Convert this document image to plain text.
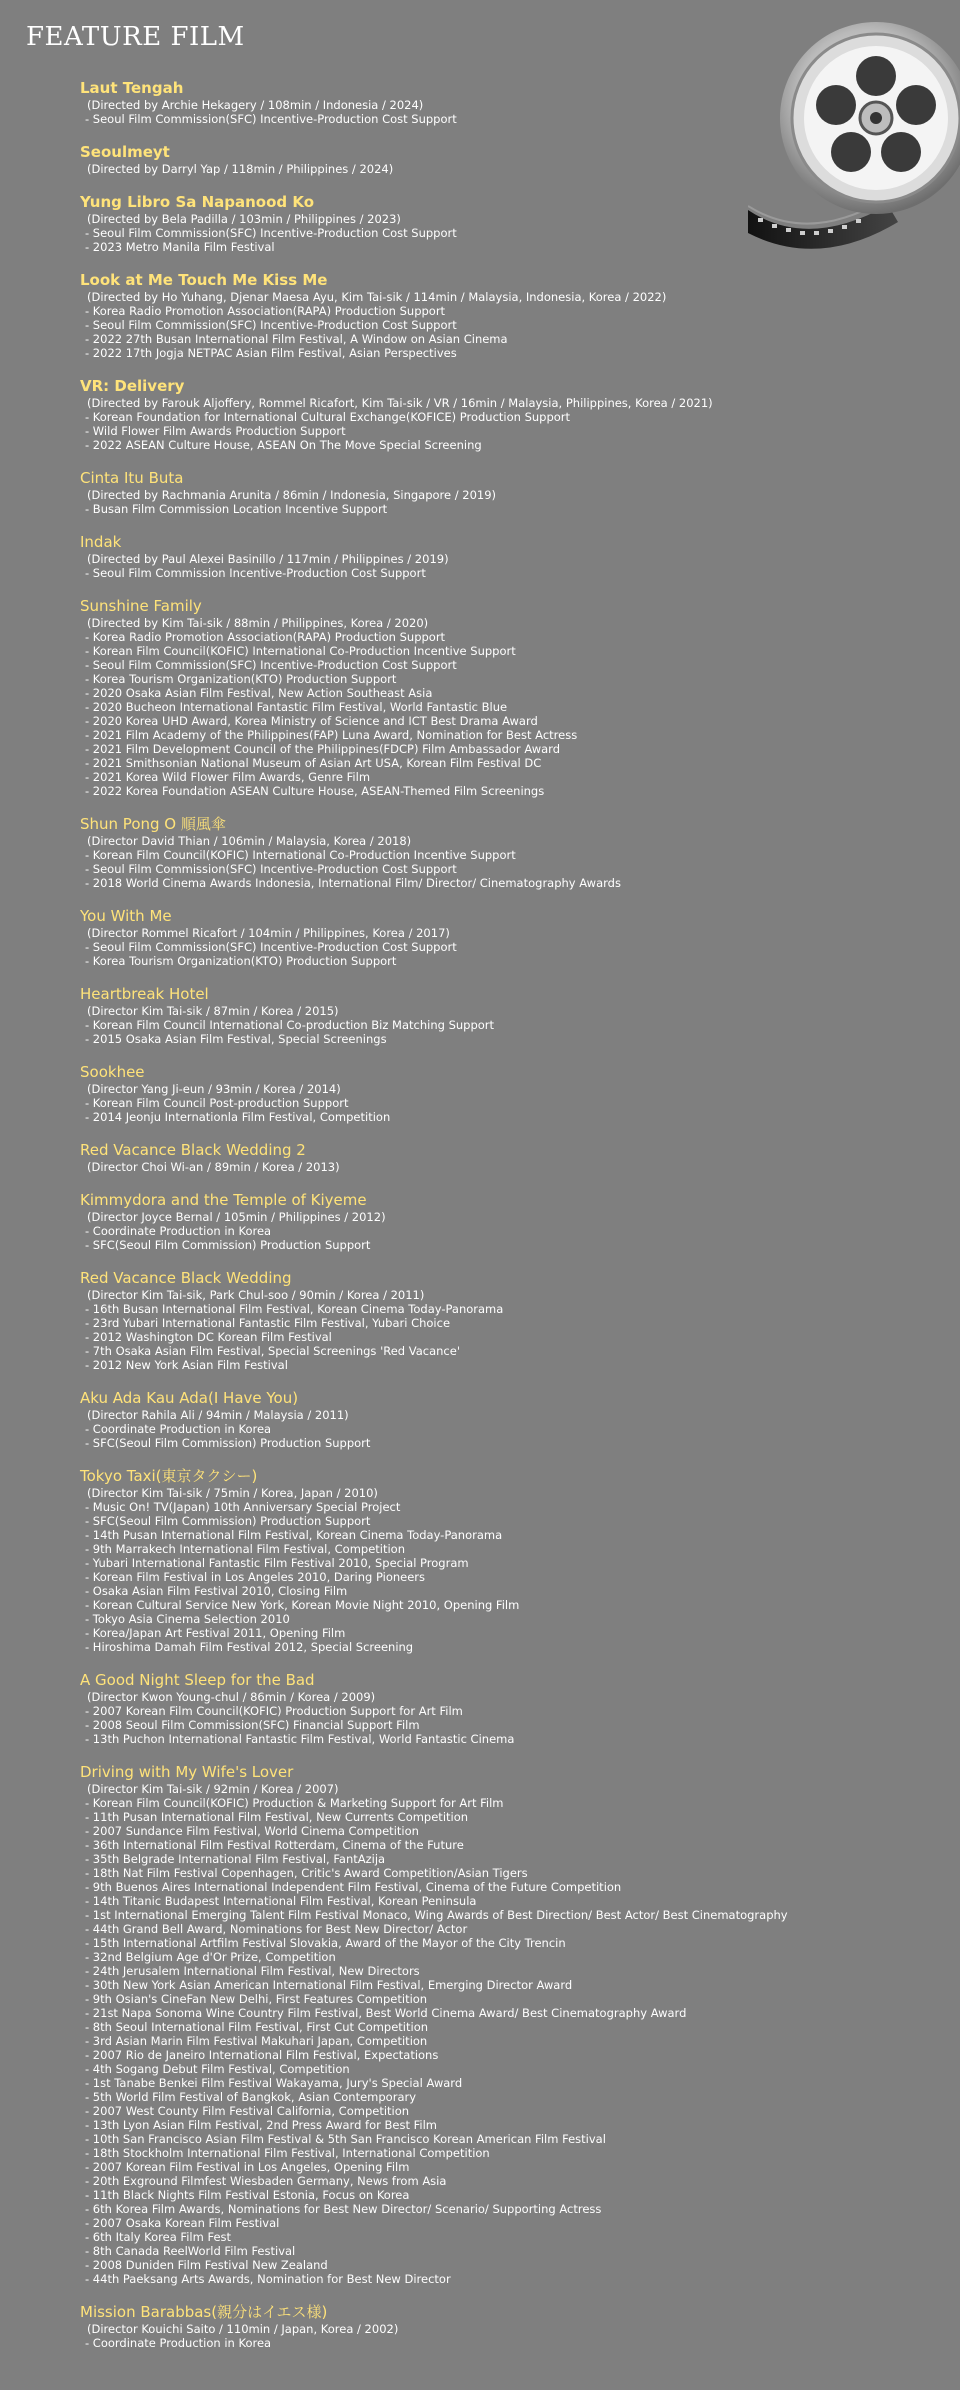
FEATURE FILM
Laut Tengah
(Directed by Archie Hekagery / 108min / Indonesia / 2024)
- Seoul Film Commission(SFC) Incentive-Production Cost Support
Seoulmeyt
(Directed by Darryl Yap / 118min / Philippines / 2024)
Yung Libro Sa Napanood Ko
(Directed by Bela Padilla / 103min / Philippines / 2023)
- Seoul Film Commission(SFC) Incentive-Production Cost Support
- 2023 Metro Manila Film Festival
Look at Me Touch Me Kiss Me
(Directed by Ho Yuhang, Djenar Maesa Ayu, Kim Tai-sik / 114min / Malaysia, Indonesia, Korea / 2022)
- Korea Radio Promotion Association(RAPA) Production Support
- Seoul Film Commission(SFC) Incentive-Production Cost Support
- 2022 27th Busan International Film Festival, A Window on Asian Cinema
- 2022 17th Jogja NETPAC Asian Film Festival, Asian Perspectives
VR: Delivery
(Directed by Farouk Aljoffery, Rommel Ricafort, Kim Tai-sik / VR / 16min / Malaysia, Philippines, Korea / 2021)
- Korean Foundation for International Cultural Exchange(KOFICE) Production Support
- Wild Flower Film Awards Production Support
- 2022 ASEAN Culture House, ASEAN On The Move Special Screening
Cinta Itu Buta
(Directed by Rachmania Arunita / 86min / Indonesia, Singapore / 2019)
- Busan Film Commission Location Incentive Support
Indak
(Directed by Paul Alexei Basinillo / 117min / Philippines / 2019)
- Seoul Film Commission Incentive-Production Cost Support
Sunshine Family
(Directed by Kim Tai-sik / 88min / Philippines, Korea / 2020)
- Korea Radio Promotion Association(RAPA) Production Support
- Korean Film Council(KOFIC) International Co-Production Incentive Support
- Seoul Film Commission(SFC) Incentive-Production Cost Support
- Korea Tourism Organization(KTO) Production Support
- 2020 Osaka Asian Film Festival, New Action Southeast Asia
- 2020 Bucheon International Fantastic Film Festival, World Fantastic Blue
- 2020 Korea UHD Award, Korea Ministry of Science and ICT Best Drama Award
- 2021 Film Academy of the Philippines(FAP) Luna Award, Nomination for Best Actress
- 2021 Film Development Council of the Philippines(FDCP) Film Ambassador Award
- 2021 Smithsonian National Museum of Asian Art USA, Korean Film Festival DC
- 2021 Korea Wild Flower Film Awards, Genre Film
- 2022 Korea Foundation ASEAN Culture House, ASEAN-Themed Film Screenings
Shun Pong O 順風傘
(Director David Thian / 106min / Malaysia, Korea / 2018)
- Korean Film Council(KOFIC) International Co-Production Incentive Support
- Seoul Film Commission(SFC) Incentive-Production Cost Support
- 2018 World Cinema Awards Indonesia, International Film/ Director/ Cinematography Awards
You With Me
(Director Rommel Ricafort / 104min / Philippines, Korea / 2017)
- Seoul Film Commission(SFC) Incentive-Production Cost Support
- Korea Tourism Organization(KTO) Production Support
Heartbreak Hotel
(Director Kim Tai-sik / 87min / Korea / 2015)
- Korean Film Council International Co-production Biz Matching Support
- 2015 Osaka Asian Film Festival, Special Screenings
Sookhee
(Director Yang Ji-eun / 93min / Korea / 2014)
- Korean Film Council Post-production Support
- 2014 Jeonju Internationla Film Festival, Competition
Red Vacance Black Wedding 2
(Director Choi Wi-an / 89min / Korea / 2013)
Kimmydora and the Temple of Kiyeme
(Director Joyce Bernal / 105min / Philippines / 2012)
- Coordinate Production in Korea
- SFC(Seoul Film Commission) Production Support
Red Vacance Black Wedding
(Director Kim Tai-sik, Park Chul-soo / 90min / Korea / 2011)
- 16th Busan International Film Festival, Korean Cinema Today-Panorama
- 23rd Yubari International Fantastic Film Festival, Yubari Choice
- 2012 Washington DC Korean Film Festival
- 7th Osaka Asian Film Festival, Special Screenings 'Red Vacance'
- 2012 New York Asian Film Festival
Aku Ada Kau Ada(I Have You)
(Director Rahila Ali / 94min / Malaysia / 2011)
- Coordinate Production in Korea
- SFC(Seoul Film Commission) Production Support
Tokyo Taxi(東京タクシー)
(Director Kim Tai-sik / 75min / Korea, Japan / 2010)
- Music On! TV(Japan) 10th Anniversary Special Project
- SFC(Seoul Film Commission) Production Support
- 14th Pusan International Film Festival, Korean Cinema Today-Panorama
- 9th Marrakech International Film Festival, Competition
- Yubari International Fantastic Film Festival 2010, Special Program
- Korean Film Festival in Los Angeles 2010, Daring Pioneers
- Osaka Asian Film Festival 2010, Closing Film
- Korean Cultural Service New York, Korean Movie Night 2010, Opening Film
- Tokyo Asia Cinema Selection 2010
- Korea/Japan Art Festival 2011, Opening Film
- Hiroshima Damah Film Festival 2012, Special Screening
A Good Night Sleep for the Bad
(Director Kwon Young-chul / 86min / Korea / 2009)
- 2007 Korean Film Council(KOFIC) Production Support for Art Film
- 2008 Seoul Film Commission(SFC) Financial Support Film
- 13th Puchon International Fantastic Film Festival, World Fantastic Cinema
Driving with My Wife's Lover
(Director Kim Tai-sik / 92min / Korea / 2007)
- Korean Film Council(KOFIC) Production & Marketing Support for Art Film
- 11th Pusan International Film Festival, New Currents Competition
- 2007 Sundance Film Festival, World Cinema Competition
- 36th International Film Festival Rotterdam, Cinema of the Future
- 35th Belgrade International Film Festival, FantAzija
- 18th Nat Film Festival Copenhagen, Critic's Award Competition/Asian Tigers
- 9th Buenos Aires International Independent Film Festival, Cinema of the Future Competition
- 14th Titanic Budapest International Film Festival, Korean Peninsula
- 1st International Emerging Talent Film Festival Monaco, Wing Awards of Best Direction/ Best Actor/ Best Cinematography
- 44th Grand Bell Award, Nominations for Best New Director/ Actor
- 15th International Artfilm Festival Slovakia, Award of the Mayor of the City Trencin
- 32nd Belgium Age d'Or Prize, Competition
- 24th Jerusalem International Film Festival, New Directors
- 30th New York Asian American International Film Festival, Emerging Director Award
- 9th Osian's CineFan New Delhi, First Features Competition
- 21st Napa Sonoma Wine Country Film Festival, Best World Cinema Award/ Best Cinematography Award
- 8th Seoul International Film Festival, First Cut Competition
- 3rd Asian Marin Film Festival Makuhari Japan, Competition
- 2007 Rio de Janeiro International Film Festival, Expectations
- 4th Sogang Debut Film Festival, Competition
- 1st Tanabe Benkei Film Festival Wakayama, Jury's Special Award
- 5th World Film Festival of Bangkok, Asian Contemporary
- 2007 West County Film Festival California, Competition
- 13th Lyon Asian Film Festival, 2nd Press Award for Best Film
- 10th San Francisco Asian Film Festival & 5th San Francisco Korean American Film Festival
- 18th Stockholm International Film Festival, International Competition
- 2007 Korean Film Festival in Los Angeles, Opening Film
- 20th Exground Filmfest Wiesbaden Germany, News from Asia
- 11th Black Nights Film Festival Estonia, Focus on Korea
- 6th Korea Film Awards, Nominations for Best New Director/ Scenario/ Supporting Actress
- 2007 Osaka Korean Film Festival
- 6th Italy Korea Film Fest
- 8th Canada ReelWorld Film Festival
- 2008 Duniden Film Festival New Zealand
- 44th Paeksang Arts Awards, Nomination for Best New Director
Mission Barabbas(親分はイエス様)
(Director Kouichi Saito / 110min / Japan, Korea / 2002)
- Coordinate Production in Korea
